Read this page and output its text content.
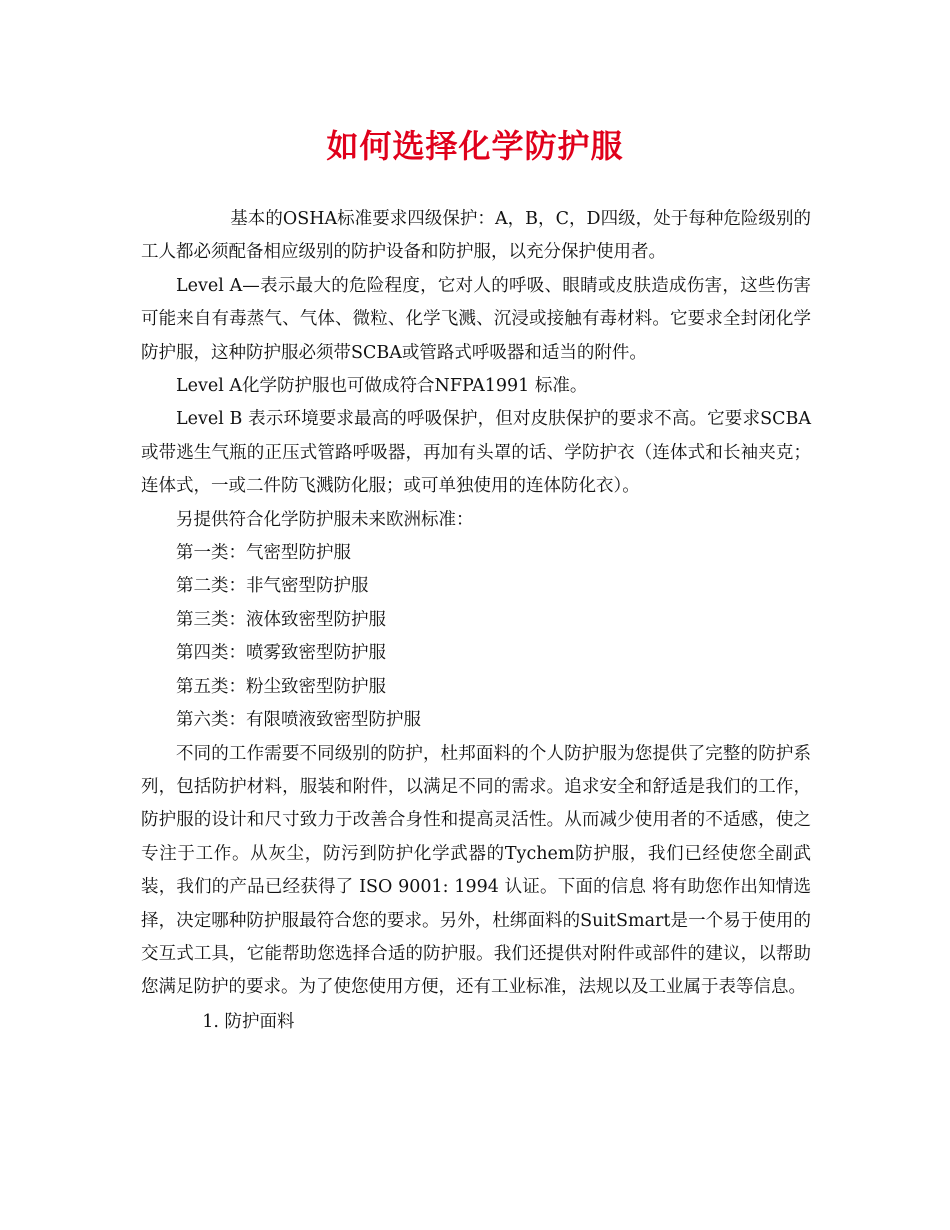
如何选择化学防护服

基本的OSHA标准要求四级保护：A，B，C，D四级，处于每种危险级别的工人都必须配备相应级别的防护设备和防护服，以充分保护使用者。

Level A—表示最大的危险程度，它对人的呼吸、眼睛或皮肤造成伤害，这些伤害可能来自有毒蒸气、气体、微粒、化学飞溅、沉浸或接触有毒材料。它要求全封闭化学防护服，这种防护服必须带SCBA或管路式呼吸器和适当的附件。

Level A化学防护服也可做成符合NFPA1991 标准。

Level B 表示环境要求最高的呼吸保护，但对皮肤保护的要求不高。它要求SCBA或带逃生气瓶的正压式管路呼吸器，再加有头罩的话、学防护衣（连体式和长袖夹克；连体式，一或二件防飞溅防化服；或可单独使用的连体防化衣）。

另提供符合化学防护服未来欧洲标准：

第一类：气密型防护服

第二类：非气密型防护服

第三类：液体致密型防护服

第四类：喷雾致密型防护服

第五类：粉尘致密型防护服

第六类：有限喷液致密型防护服

不同的工作需要不同级别的防护，杜邦面料的个人防护服为您提供了完整的防护系列，包括防护材料，服装和附件，以满足不同的需求。追求安全和舒适是我们的工作，防护服的设计和尺寸致力于改善合身性和提高灵活性。从而减少使用者的不适感，使之专注于工作。从灰尘，防污到防护化学武器的Tychem防护服，我们已经使您全副武装，我们的产品已经获得了 ISO 9001: 1994 认证。下面的信息 将有助您作出知情选择，决定哪种防护服最符合您的要求。另外，杜绑面料的SuitSmart是一个易于使用的交互式工具，它能帮助您选择合适的防护服。我们还提供对附件或部件的建议，以帮助您满足防护的要求。为了使您使用方便，还有工业标准，法规以及工业属于表等信息。

1. 防护面料
